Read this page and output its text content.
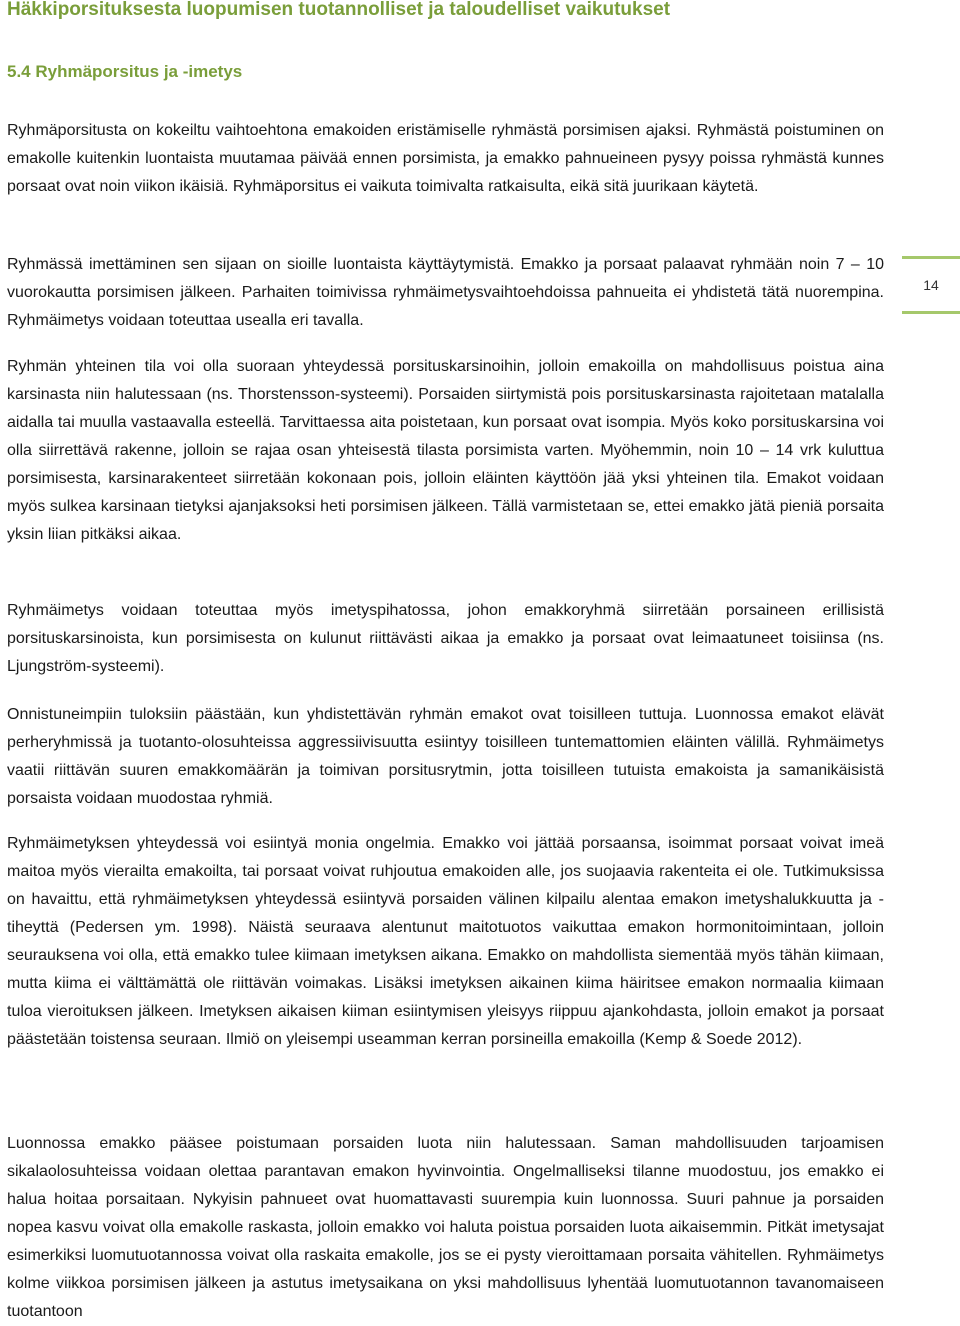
Häkkiporsituksesta luopumisen tuotannolliset ja taloudelliset vaikutukset
5.4 Ryhmäporsitus ja -imetys
14

Ryhmäporsitusta on kokeiltu vaihtoehtona emakoiden eristämiselle ryhmästä porsimisen ajaksi. Ryhmästä poistuminen on emakolle kuitenkin luontaista muutamaa päivää ennen porsimista, ja emakko pahnueineen pysyy poissa ryhmästä kunnes porsaat ovat noin viikon ikäisiä. Ryhmäporsitus ei vaikuta toimivalta ratkaisulta, eikä sitä juurikaan käytetä.

Ryhmässä imettäminen sen sijaan on sioille luontaista käyttäytymistä. Emakko ja porsaat palaavat ryhmään noin 7 – 10 vuorokautta porsimisen jälkeen. Parhaiten toimivissa ryhmäimetysvaihtoehdoissa pahnueita ei yhdistetä tätä nuorempina. Ryhmäimetys voidaan toteuttaa usealla eri tavalla.

Ryhmän yhteinen tila voi olla suoraan yhteydessä porsituskarsinoihin, jolloin emakoilla on mahdollisuus poistua aina karsinasta niin halutessaan (ns. Thorstensson-systeemi). Porsaiden siirtymistä pois porsituskarsinasta rajoitetaan matalalla aidalla tai muulla vastaavalla esteellä. Tarvittaessa aita poistetaan, kun porsaat ovat isompia. Myös koko porsituskarsina voi olla siirrettävä rakenne, jolloin se rajaa osan yhteisestä tilasta porsimista varten. Myöhemmin, noin 10 – 14 vrk kuluttua porsimisesta, karsinarakenteet siirretään kokonaan pois, jolloin eläinten käyttöön jää yksi yhteinen tila. Emakot voidaan myös sulkea karsinaan tietyksi ajanjaksoksi heti porsimisen jälkeen. Tällä varmistetaan se, ettei emakko jätä pieniä porsaita yksin liian pitkäksi aikaa.

Ryhmäimetys voidaan toteuttaa myös imetyspihatossa, johon emakkoryhmä siirretään porsaineen erillisistä porsituskarsinoista, kun porsimisesta on kulunut riittävästi aikaa ja emakko ja porsaat ovat leimaatuneet toisiinsa (ns. Ljungström-systeemi).

Onnistuneimpiin tuloksiin päästään, kun yhdistettävän ryhmän emakot ovat toisilleen tuttuja. Luonnossa emakot elävät perheryhmissä ja tuotanto-olosuhteissa aggressiivisuutta esiintyy toisilleen tuntemattomien eläinten välillä. Ryhmäimetys vaatii riittävän suuren emakkomäärän ja toimivan porsitusrytmin, jotta toisilleen tutuista emakoista ja samanikäisistä porsaista voidaan muodostaa ryhmiä.

Ryhmäimetyksen yhteydessä voi esiintyä monia ongelmia. Emakko voi jättää porsaansa, isoimmat porsaat voivat imeä maitoa myös vierailta emakoilta, tai porsaat voivat ruhjoutua emakoiden alle, jos suojaavia rakenteita ei ole. Tutkimuksissa on havaittu, että ryhmäimetyksen yhteydessä esiintyvä porsaiden välinen kilpailu alentaa emakon imetyshalukkuutta ja -tiheyttä (Pedersen ym. 1998). Näistä seuraava alentunut maitotuotos vaikuttaa emakon hormonitoimintaan, jolloin seurauksena voi olla, että emakko tulee kiimaan imetyksen aikana. Emakko on mahdollista siementää myös tähän kiimaan, mutta kiima ei välttämättä ole riittävän voimakas. Lisäksi imetyksen aikainen kiima häiritsee emakon normaalia kiimaan tuloa vieroituksen jälkeen. Imetyksen aikaisen kiiman esiintymisen yleisyys riippuu ajankohdasta, jolloin emakot ja porsaat päästetään toistensa seuraan. Ilmiö on yleisempi useamman kerran porsineilla emakoilla (Kemp & Soede 2012).

Luonnossa emakko pääsee poistumaan porsaiden luota niin halutessaan. Saman mahdollisuuden tarjoamisen sikalaolosuhteissa voidaan olettaa parantavan emakon hyvinvointia. Ongelmalliseksi tilanne muodostuu, jos emakko ei halua hoitaa porsaitaan. Nykyisin pahnueet ovat huomattavasti suurempia kuin luonnossa. Suuri pahnue ja porsaiden nopea kasvu voivat olla emakolle raskasta, jolloin emakko voi haluta poistua porsaiden luota aikaisemmin. Pitkät imetysajat esimerkiksi luomutuotannossa voivat olla raskaita emakolle, jos se ei pysty vieroittamaan porsaita vähitellen. Ryhmäimetys kolme viikkoa porsimisen jälkeen ja astutus imetysaikana on yksi mahdollisuus lyhentää luomutuotannon tavanomaiseen tuotantoon
